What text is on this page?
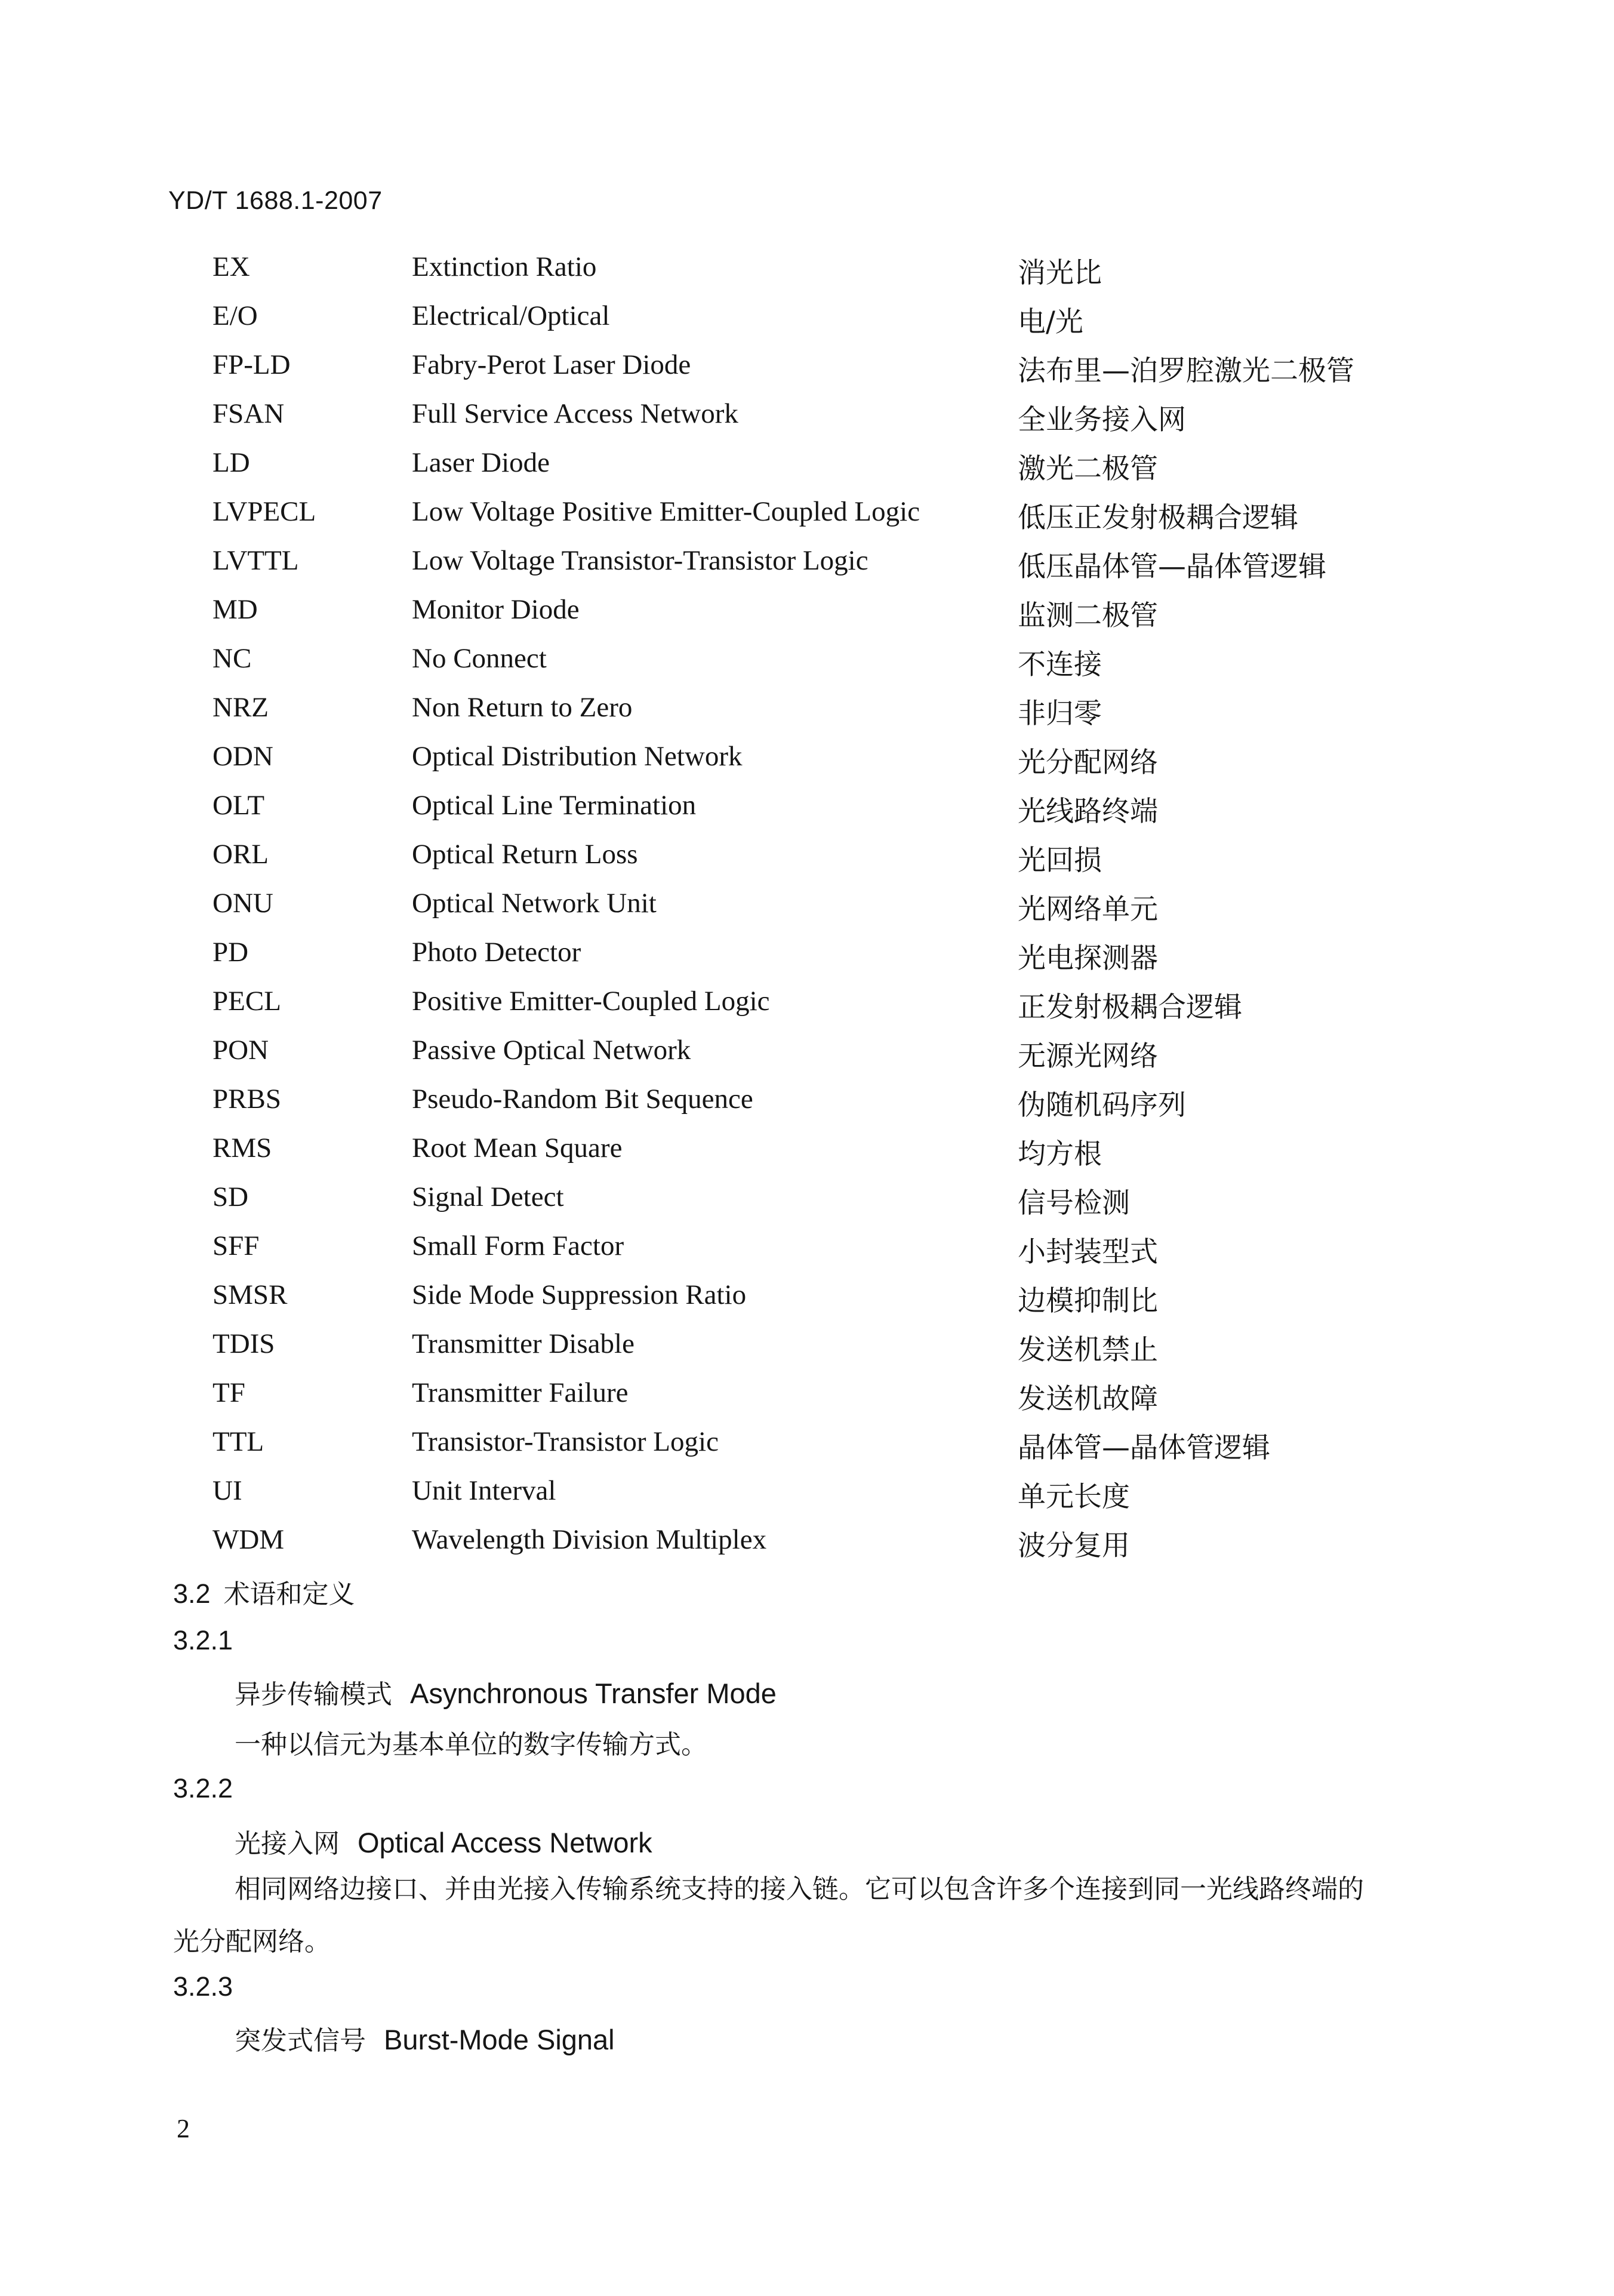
YD/T 1688.1-2007
EX	Extinction Ratio	消光比
E/O	Electrical/Optical	电/光
FP-LD	Fabry-Perot Laser Diode	法布里—泊罗腔激光二极管
FSAN	Full Service Access Network	全业务接入网
LD	Laser Diode	激光二极管
LVPECL	Low Voltage Positive Emitter-Coupled Logic	低压正发射极耦合逻辑
LVTTL	Low Voltage Transistor-Transistor Logic	低压晶体管—晶体管逻辑
MD	Monitor Diode	监测二极管
NC	No Connect	不连接
NRZ	Non Return to Zero	非归零
ODN	Optical Distribution Network	光分配网络
OLT	Optical Line Termination	光线路终端
ORL	Optical Return Loss	光回损
ONU	Optical Network Unit	光网络单元
PD	Photo Detector	光电探测器
PECL	Positive Emitter-Coupled Logic	正发射极耦合逻辑
PON	Passive Optical Network	无源光网络
PRBS	Pseudo-Random Bit Sequence	伪随机码序列
RMS	Root Mean Square	均方根
SD	Signal Detect	信号检测
SFF	Small Form Factor	小封装型式
SMSR	Side Mode Suppression Ratio	边模抑制比
TDIS	Transmitter Disable	发送机禁止
TF	Transmitter Failure	发送机故障
TTL	Transistor-Transistor Logic	晶体管—晶体管逻辑
UI	Unit Interval	单元长度
WDM	Wavelength Division Multiplex	波分复用
3.2 术语和定义
3.2.1
异步传输模式 Asynchronous Transfer Mode
一种以信元为基本单位的数字传输方式。
3.2.2
光接入网 Optical Access Network
相同网络边接口、并由光接入传输系统支持的接入链。它可以包含许多个连接到同一光线路终端的
光分配网络。
3.2.3
突发式信号 Burst-Mode Signal
2
